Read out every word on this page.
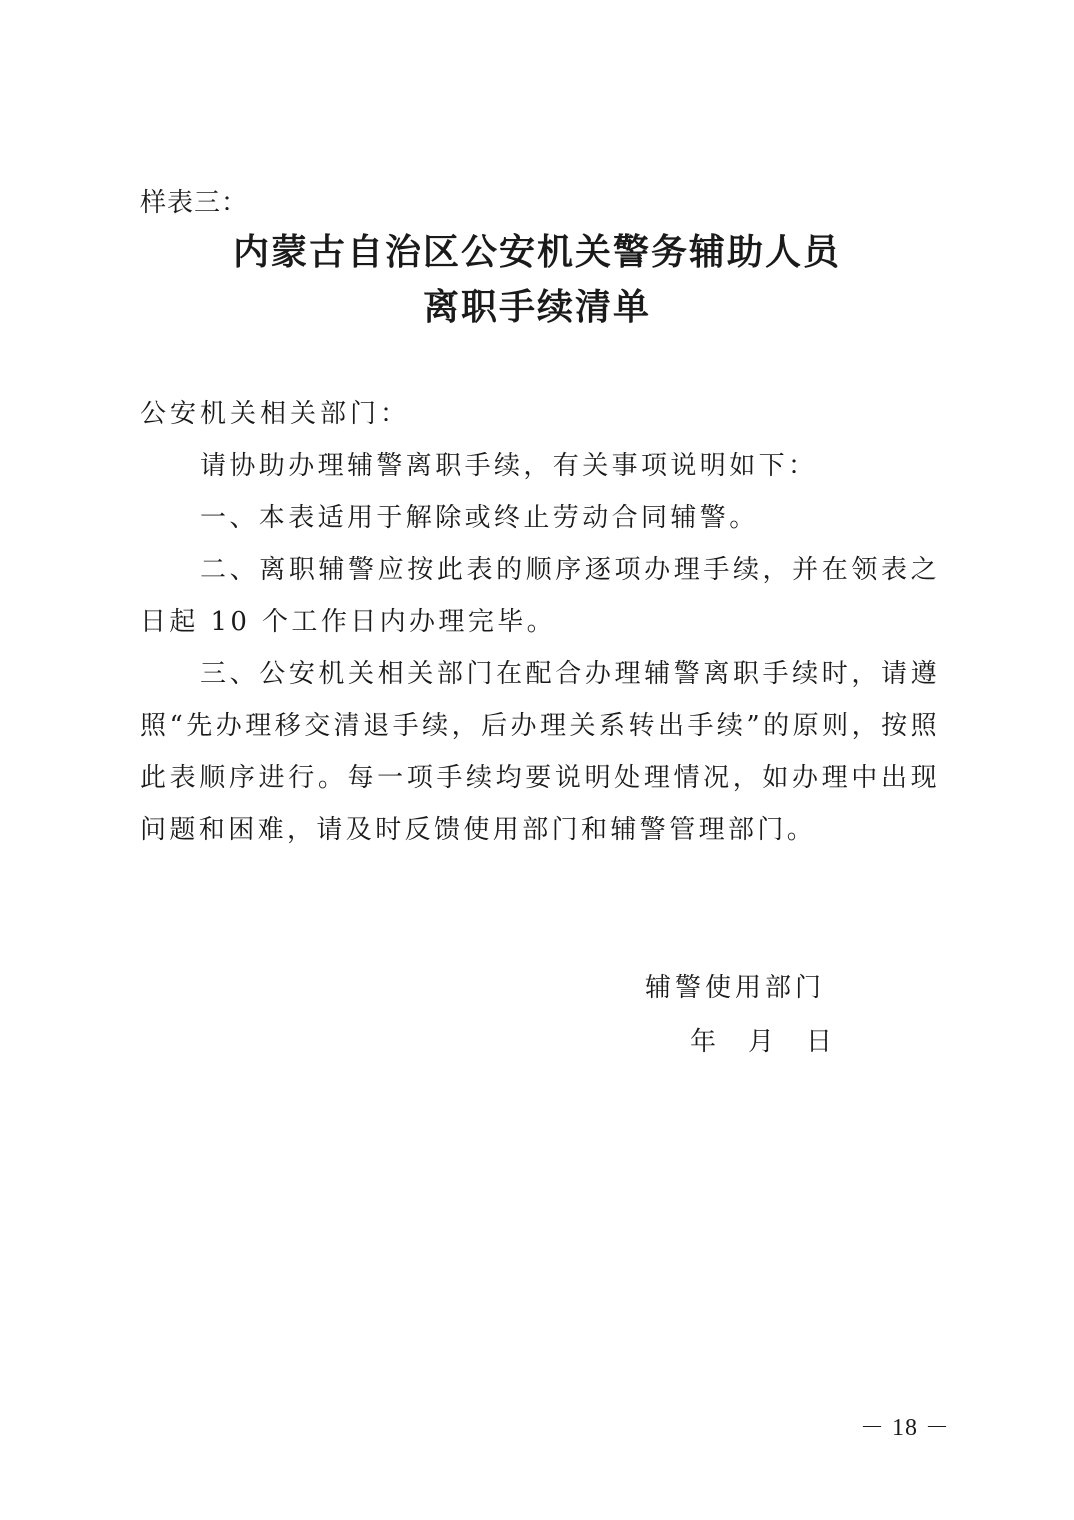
样表三：
内蒙古自治区公安机关警务辅助人员
离职手续清单
公安机关相关部门：
请协助办理辅警离职手续，有关事项说明如下：
一、本表适用于解除或终止劳动合同辅警。
二、离职辅警应按此表的顺序逐项办理手续，并在领表之日起 10 个工作日内办理完毕。
三、公安机关相关部门在配合办理辅警离职手续时，请遵照“先办理移交清退手续，后办理关系转出手续”的原则，按照此表顺序进行。每一项手续均要说明处理情况，如办理中出现问题和困难，请及时反馈使用部门和辅警管理部门。
辅警使用部门
年 月 日
－ 18 －
